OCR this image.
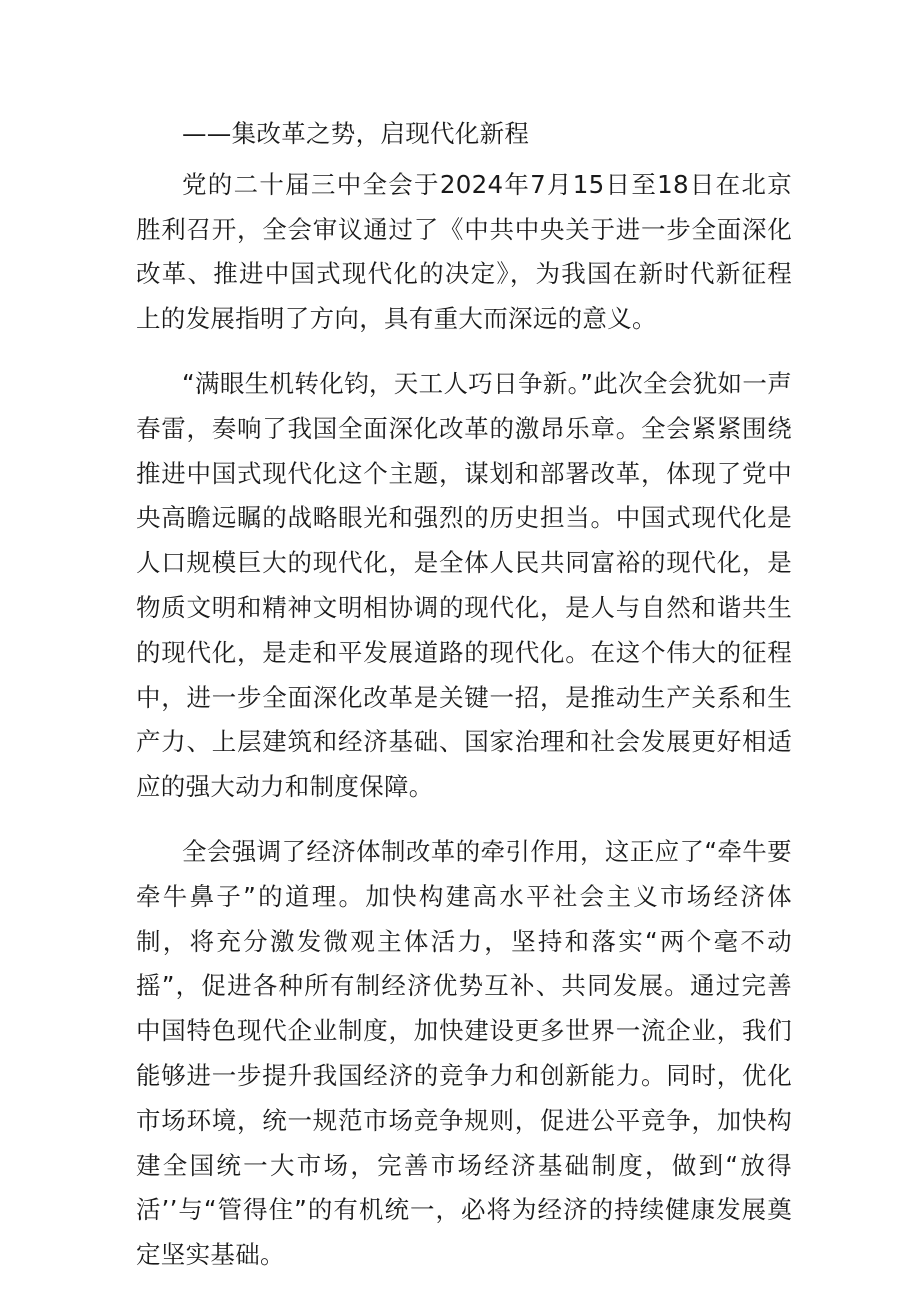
——集改革之势，启现代化新程

党的二十届三中全会于2024年7月15日至18日在北京胜利召开，全会审议通过了《中共中央关于进一步全面深化改革、推进中国式现代化的决定》，为我国在新时代新征程上的发展指明了方向，具有重大而深远的意义。

“满眼生机转化钧，天工人巧日争新。”此次全会犹如一声春雷，奏响了我国全面深化改革的激昂乐章。全会紧紧围绕推进中国式现代化这个主题，谋划和部署改革，体现了党中央高瞻远瞩的战略眼光和强烈的历史担当。中国式现代化是人口规模巨大的现代化，是全体人民共同富裕的现代化，是物质文明和精神文明相协调的现代化，是人与自然和谐共生的现代化，是走和平发展道路的现代化。在这个伟大的征程中，进一步全面深化改革是关键一招，是推动生产关系和生产力、上层建筑和经济基础、国家治理和社会发展更好相适应的强大动力和制度保障。

全会强调了经济体制改革的牵引作用，这正应了“牵牛要牵牛鼻子”的道理。加快构建高水平社会主义市场经济体制，将充分激发微观主体活力，坚持和落实“两个毫不动摇”，促进各种所有制经济优势互补、共同发展。通过完善中国特色现代企业制度，加快建设更多世界一流企业，我们能够进一步提升我国经济的竞争力和创新能力。同时，优化市场环境，统一规范市场竞争规则，促进公平竞争，加快构建全国统一大市场，完善市场经济基础制度，做到“放得活’’与“管得住”的有机统一，必将为经济的持续健康发展奠定坚实基础。
